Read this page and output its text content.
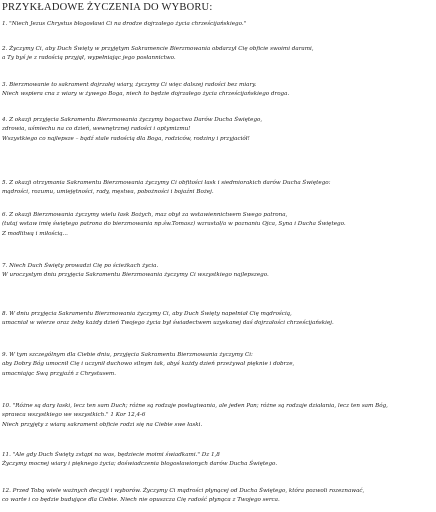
PRZYKŁADOWE ŻYCZENIA DO WYBORU:
1. "Niech Jezus Chrystus błogosławi Ci na drodze dojrzałego życia chrześcijańskiego."
2. Życzymy Ci, aby Duch Święty w przyjętym Sakramencie Bierzmowania obdarzył Cię obficie swoimi darami,
a Ty byś je z radością przyjął, wypełniając jego posłannictwo.
3. Bierzmowanie to sakrament dojrzałej wiary, życzymy Ci więc dalszej radości bez miary.
Niech wspiera cna z wiary w żywego Boga, niech to będzie dojrzałego życia chrześcijańskiego droga.
4. Z okazji przyjęcia Sakramentu Bierzmowania życzymy bogactwa Darów Ducha Świętego,
zdrowia, uśmiechu na co dzień, wewnętrznej radości i optymizmu!
Wszystkiego co najlepsze – bądź stale radością dla Boga, rodziców, rodziny i przyjaciół!
5. Z okazji otrzymania Sakramentu Bierzmowania życzymy Ci obfitości łask i siedmiorakich darów Ducha Świętego:
mądrości, rozumu, umiejętności, rady, męstwa, pobożności i bojaźni Bożej.
6. Z okazji Bierzmowania życzymy wielu łask Bożych, maz obył za wstawiennictwem Swego patrona,
(tutaj wstaw imię świętego patrona do bierzmowania np.św.Tomasz) wzrastał/a w poznaniu Ojca, Syna i Ducha Świętego.
Z modlitwą i miłością...
7. Niech Duch Święty prowadzi Cię po ścieżkach życia.
W uroczystym dniu przyjęcia Sakramentu Bierzmowania życzymy Ci wszystkiego najlepszego.
8. W dniu przyjęcia Sakramentu Bierzmowania życzymy Ci, aby Duch Święty napełniał Cię mądrością,
umacniał w wierze oraz żeby każdy dzień Twojego życia był świadectwem uzyskanej daś dojrzałości chrześcijańskiej.
9. W tym szczególnym dla Ciebie dniu, przyjęcia Sakramentu Bierzmowania życzymy Ci:
aby Dobry Bóg umocnił Cię i uczynił duchowo silnym tak, abyś każdy dzień przeżywał pięknie i dobrze,
umacniając Swą przyjaźń z Chrystusem.
10. "Różne są dary łaski, lecz ten sam Duch; różne są rodzaje posługiwania, ale jeden Pan; różne są rodzaje działania, lecz ten sam Bóg,
sprawca wszystkiego we wszystkich." 1 Kor 12,4-6
Niech przyjęty z wiarą sakrament obficie rodzi się na Ciebie swe łaski.
11. "Ale gdy Duch Święty zstąpi na was, będziecie moimi świadkami." Dz 1,8
Życzymy mocnej wiary i pięknego życia; doświadczenia błogosławionych darów Ducha Świętego.
12. Przed Tobą wiele ważnych decyzji i wyborów. Życzymy Ci mądrości płynącej od Ducha Świętego, która pozwoli rozeznawać,
co warte i co będzie budujące dla Ciebie. Niech nie opuszcza Cię radość płynąca z Twojego serca.
